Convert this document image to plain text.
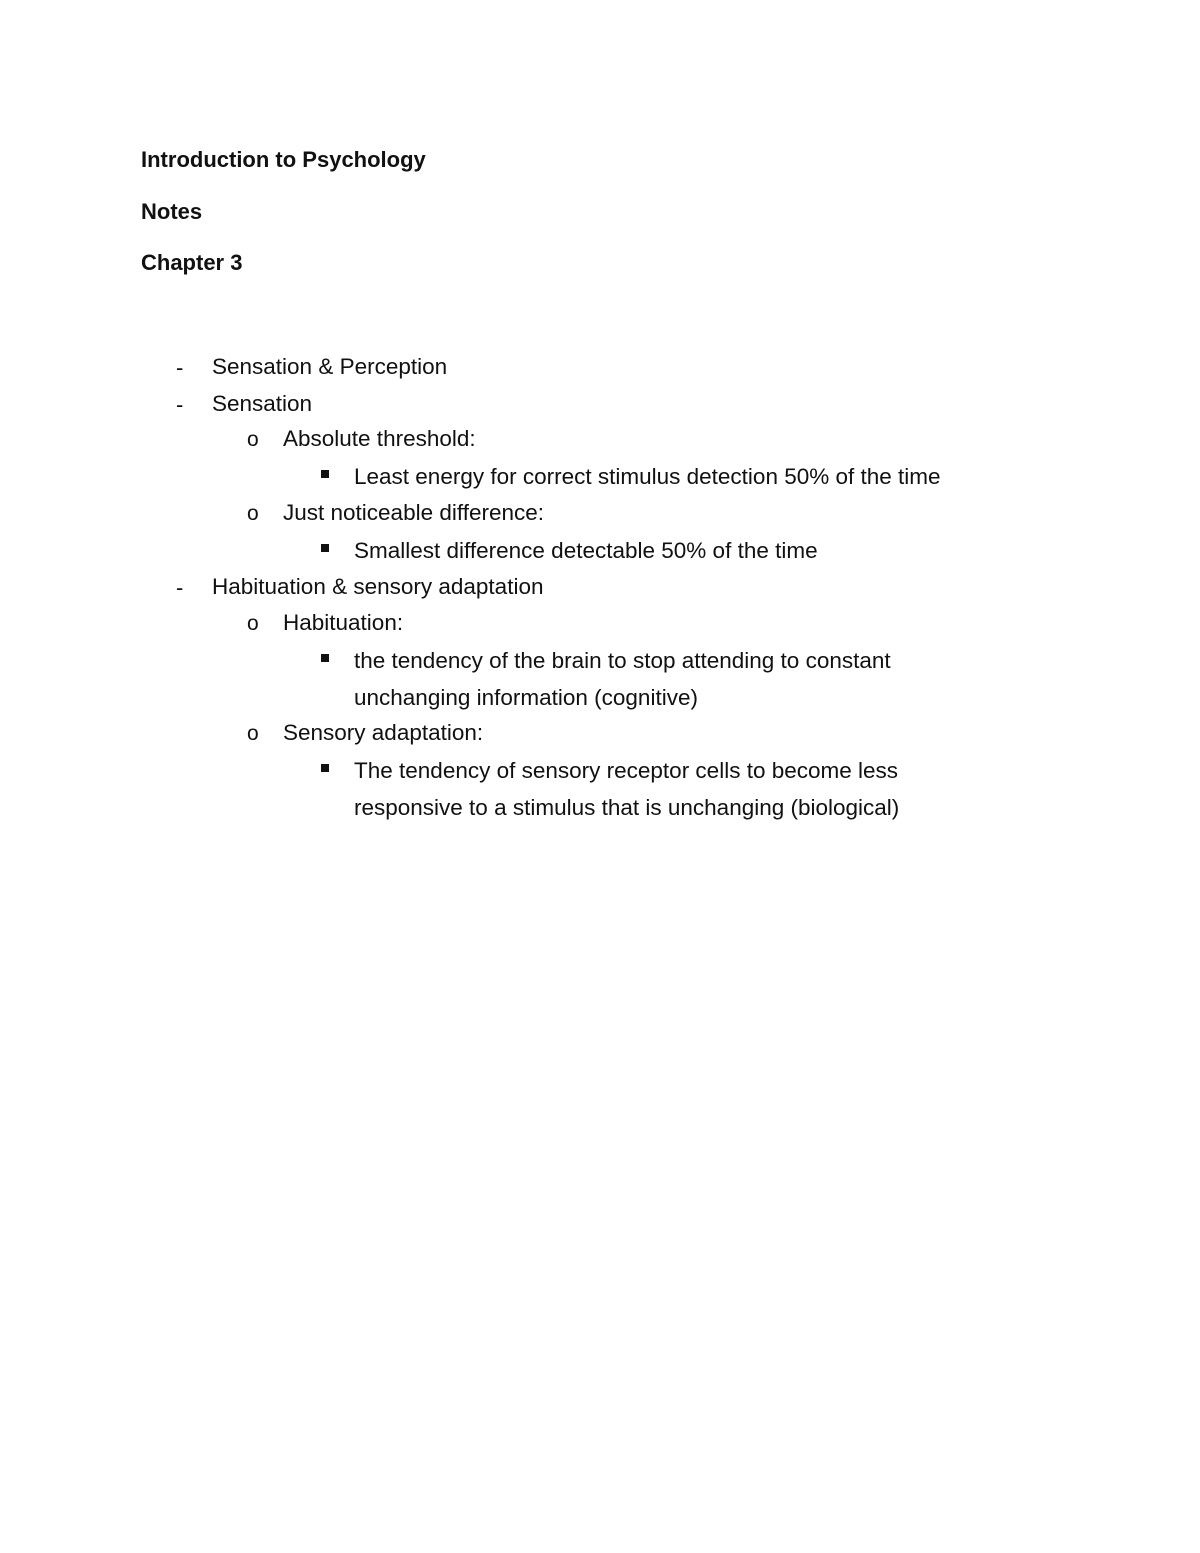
Introduction to Psychology
Notes
Chapter 3
- Sensation & Perception
- Sensation
o Absolute threshold:
Least energy for correct stimulus detection 50% of the time
o Just noticeable difference:
Smallest difference detectable 50% of the time
- Habituation & sensory adaptation
o Habituation:
the tendency of the brain to stop attending to constant
unchanging information (cognitive)
o Sensory adaptation:
The tendency of sensory receptor cells to become less
responsive to a stimulus that is unchanging (biological)
